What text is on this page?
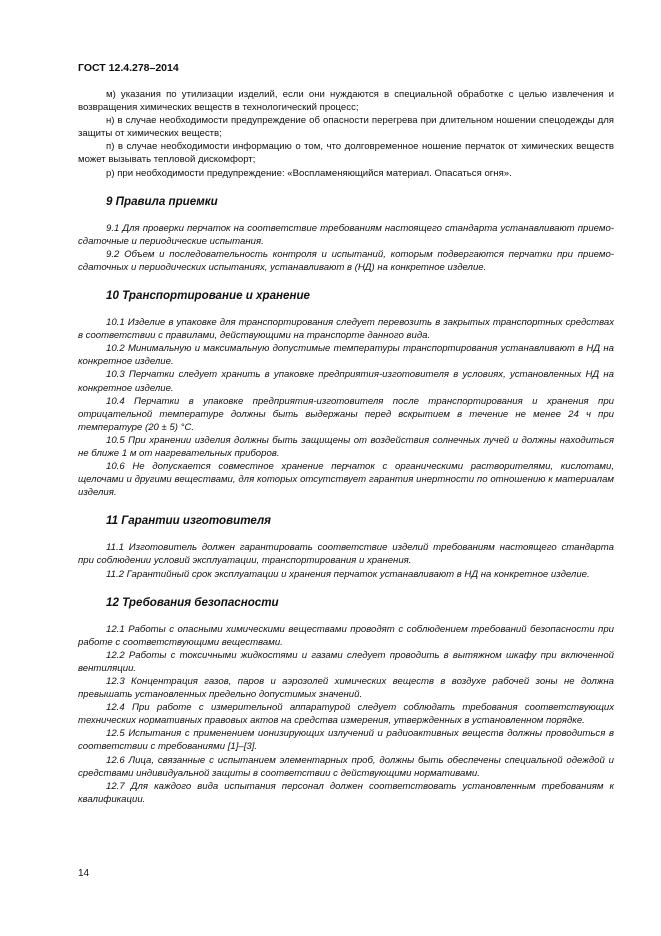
ГОСТ 12.4.278–2014

м) указания по утилизации изделий, если они нуждаются в специальной обработке с целью извлечения и возвращения химических веществ в технологический процесс;

н) в случае необходимости предупреждение об опасности перегрева при длительном ношении спецодежды для защиты от химических веществ;

п) в случае необходимости информацию о том, что долговременное ношение перчаток от химических веществ может вызывать тепловой дискомфорт;

р) при необходимости предупреждение: «Воспламеняющийся материал. Опасаться огня».

9 Правила приемки

9.1 Для проверки перчаток на соответствие требованиям настоящего стандарта устанавливают приемо-сдаточные и периодические испытания.

9.2 Объем и последовательность контроля и испытаний, которым подвергаются перчатки при приемо-сдаточных и периодических испытаниях, устанавливают в (НД) на конкретное изделие.

10 Транспортирование и хранение

10.1 Изделие в упаковке для транспортирования следует перевозить в закрытых транспортных средствах в соответствии с правилами, действующими на транспорте данного вида.

10.2 Минимальную и максимальную допустимые температуры транспортирования устанавливают в НД на конкретное изделие.

10.3 Перчатки следует хранить в упаковке предприятия-изготовителя в условиях, установленных НД на конкретное изделие.

10.4 Перчатки в упаковке предприятия-изготовителя после транспортирования и хранения при отрицательной температуре должны быть выдержаны перед вскрытием в течение не менее 24 ч при температуре (20 ± 5) °С.

10.5 При хранении изделия должны быть защищены от воздействия солнечных лучей и должны находиться не ближе 1 м от нагревательных приборов.

10.6 Не допускается совместное хранение перчаток с органическими растворителями, кислотами, щелочами и другими веществами, для которых отсутствует гарантия инертности по отношению к материалам изделия.

11 Гарантии изготовителя

11.1 Изготовитель должен гарантировать соответствие изделий требованиям настоящего стандарта при соблюдении условий эксплуатации, транспортирования и хранения.

11.2 Гарантийный срок эксплуатации и хранения перчаток устанавливают в НД на конкретное изделие.

12 Требования безопасности

12.1 Работы с опасными химическими веществами проводят с соблюдением требований безопасности при работе с соответствующими веществами.

12.2 Работы с токсичными жидкостями и газами следует проводить в вытяжном шкафу при включенной вентиляции.

12.3 Концентрация газов, паров и аэрозолей химических веществ в воздухе рабочей зоны не должна превышать установленных предельно допустимых значений.

12.4 При работе с измерительной аппаратурой следует соблюдать требования соответствующих технических нормативных правовых актов на средства измерения, утвержденных в установленном порядке.

12.5 Испытания с применением ионизирующих излучений и радиоактивных веществ должны проводиться в соответствии с требованиями [1]–[3].

12.6 Лица, связанные с испытанием элементарных проб, должны быть обеспечены специальной одеждой и средствами индивидуальной защиты в соответствии с действующими нормативами.

12.7 Для каждого вида испытания персонал должен соответствовать установленным требованиям к квалификации.

14
